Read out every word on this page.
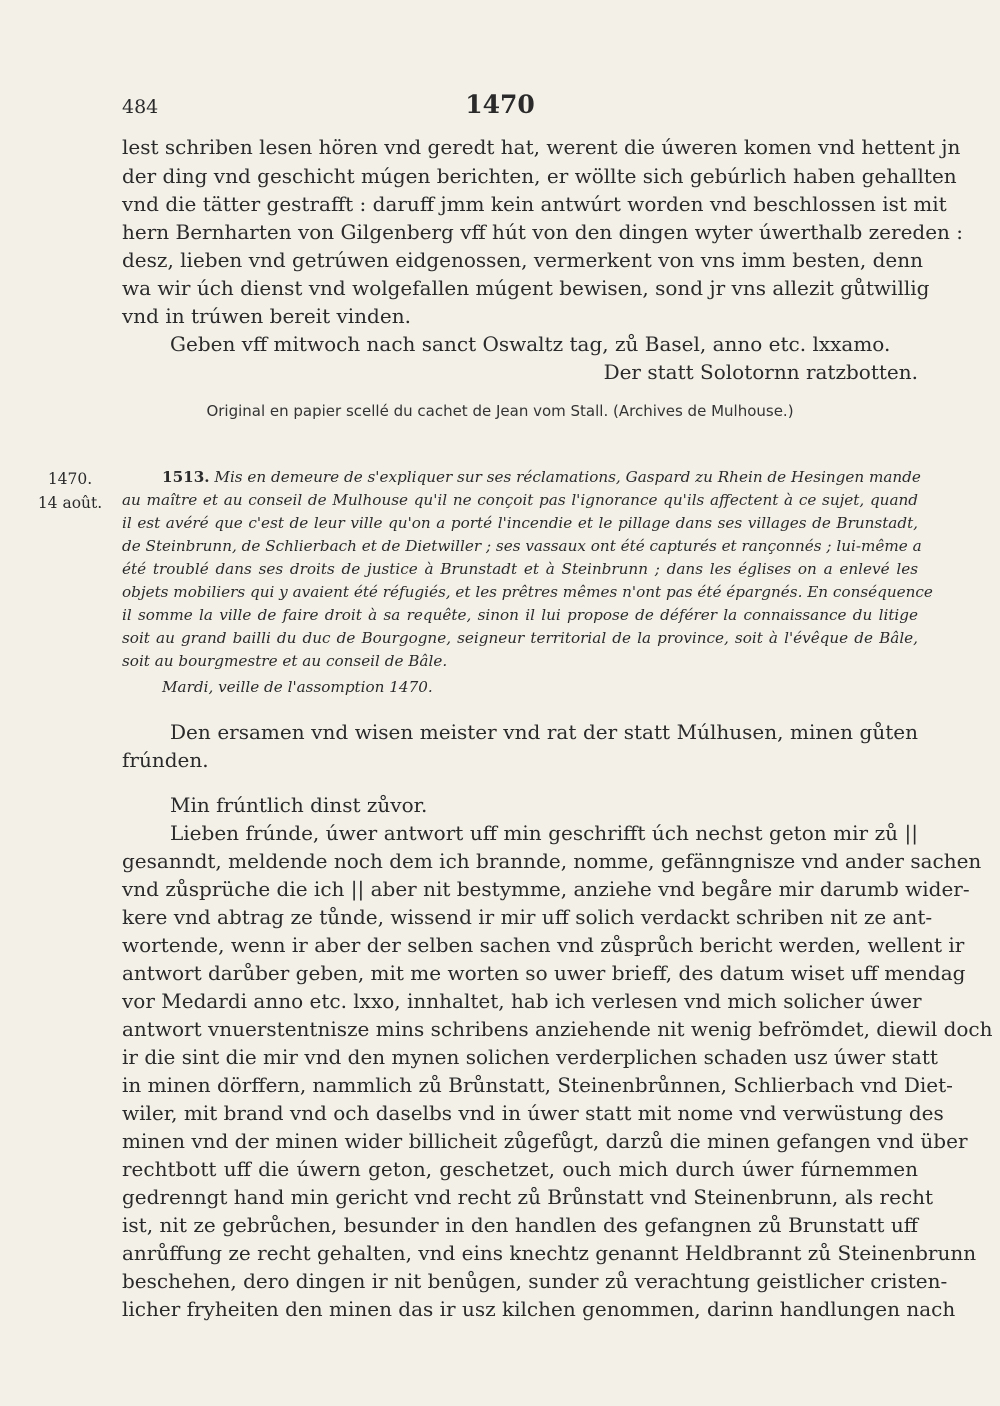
484	1470
lest schriben lesen hören vnd geredt hat, werent die úweren komen vnd hettent jn
der ding vnd geschicht múgen berichten, er wöllte sich gebúrlich haben gehallten
vnd die tätter gestrafft : daruff jmm kein antwúrt worden vnd beschlossen ist mit
hern Bernharten von Gilgenberg vff hút von den dingen wyter úwerthalb zereden :
desz, lieben vnd getrúwen eidgenossen, vermerkent von vns imm besten, denn
wa wir úch dienst vnd wolgefallen múgent bewisen, sond jr vns allezit gůtwillig
vnd in trúwen bereit vinden.
Geben vff mitwoch nach sanct Oswaltz tag, zů Basel, anno etc. lxxamo.
Der statt Solotornn ratzbotten.
Original en papier scellé du cachet de Jean vom Stall. (Archives de Mulhouse.)
1470.
14 août.
1513. Mis en demeure de s'expliquer sur ses réclamations, Gaspard zu Rhein de Hesingen mande
au maître et au conseil de Mulhouse qu'il ne conçoit pas l'ignorance qu'ils affectent à ce sujet, quand
il est avéré que c'est de leur ville qu'on a porté l'incendie et le pillage dans ses villages de Brunstadt,
de Steinbrunn, de Schlierbach et de Dietwiller ; ses vassaux ont été capturés et rançonnés ; lui-même a
été troublé dans ses droits de justice à Brunstadt et à Steinbrunn ; dans les églises on a enlevé les
objets mobiliers qui y avaient été réfugiés, et les prêtres mêmes n'ont pas été épargnés. En conséquence
il somme la ville de faire droit à sa requête, sinon il lui propose de déférer la connaissance du litige
soit au grand bailli du duc de Bourgogne, seigneur territorial de la province, soit à l'évêque de Bâle,
soit au bourgmestre et au conseil de Bâle.
Mardi, veille de l'assomption 1470.
Den ersamen vnd wisen meister vnd rat der statt Múlhusen, minen gůten
frúnden.
Min frúntlich dinst zůvor.
Lieben frúnde, úwer antwort uff min geschrifft úch nechst geton mir zů ||
gesanndt, meldende noch dem ich brannde, nomme, gefänngnisze vnd ander sachen
vnd zůsprüche die ich || aber nit bestymme, anziehe vnd begåre mir darumb wider-
kere vnd abtrag ze tůnde, wissend ir mir uff solich verdackt schriben nit ze ant-
wortende, wenn ir aber der selben sachen vnd zůsprůch bericht werden, wellent ir
antwort darůber geben, mit me worten so uwer brieff, des datum wiset uff mendag
vor Medardi anno etc. lxxo, innhaltet, hab ich verlesen vnd mich solicher úwer
antwort vnuerstentnisze mins schribens anziehende nit wenig befrömdet, diewil doch
ir die sint die mir vnd den mynen solichen verderplichen schaden usz úwer statt
in minen dörffern, nammlich zů Brůnstatt, Steinenbrůnnen, Schlierbach vnd Diet-
wiler, mit brand vnd och daselbs vnd in úwer statt mit nome vnd verwüstung des
minen vnd der minen wider billicheit zůgefůgt, darzů die minen gefangen vnd über
rechtbott uff die úwern geton, geschetzet, ouch mich durch úwer fúrnemmen
gedrenngt hand min gericht vnd recht zů Brůnstatt vnd Steinenbrunn, als recht
ist, nit ze gebrůchen, besunder in den handlen des gefangnen zů Brunstatt uff
anrůffung ze recht gehalten, vnd eins knechtz genannt Heldbrannt zů Steinenbrunn
beschehen, dero dingen ir nit benůgen, sunder zů verachtung geistlicher cristen-
licher fryheiten den minen das ir usz kilchen genommen, darinn handlungen nach
